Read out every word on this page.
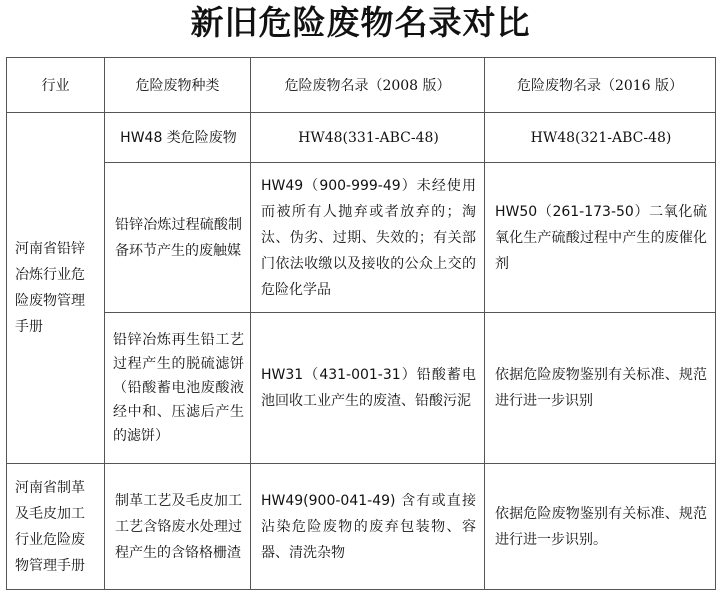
新旧危险废物名录对比
行业	危险废物种类	危险废物名录（2008 版）	危险废物名录（2016 版）
河南省铅锌冶炼行业危险废物管理手册	HW48 类危险废物	HW48(331-ABC-48)	HW48(321-ABC-48)
	铅锌冶炼过程硫酸制备环节产生的废触媒	HW49（900-999-49）未经使用而被所有人抛弃或者放弃的；淘汰、伪劣、过期、失效的；有关部门依法收缴以及接收的公众上交的危险化学品	HW50（261-173-50）二氧化硫氧化生产硫酸过程中产生的废催化剂
	铅锌冶炼再生铅工艺过程产生的脱硫滤饼（铅酸蓄电池废酸液经中和、压滤后产生的滤饼）	HW31（431-001-31）铅酸蓄电池回收工业产生的废渣、铅酸污泥	依据危险废物鉴别有关标准、规范进行进一步识别
河南省制革及毛皮加工行业危险废物管理手册	制革工艺及毛皮加工工艺含铬废水处理过程产生的含铬格栅渣	HW49(900-041-49) 含有或直接沾染危险废物的废弃包装物、容器、清洗杂物	依据危险废物鉴别有关标准、规范进行进一步识别。
